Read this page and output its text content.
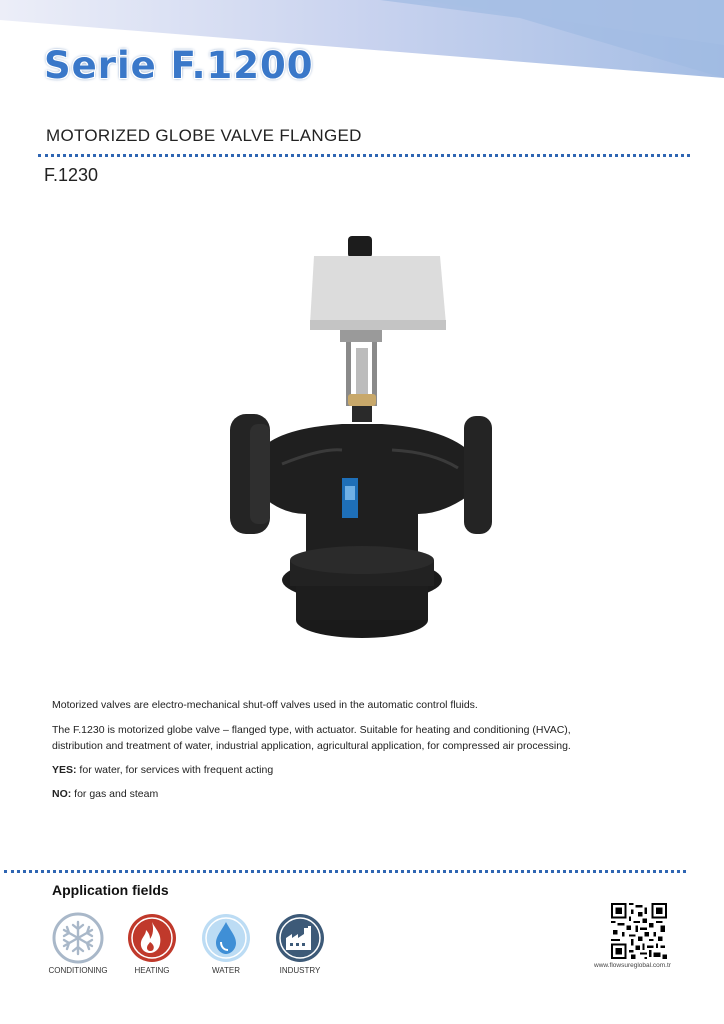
Serie F.1200
MOTORIZED GLOBE VALVE FLANGED
F.1230
Motorized valves are electro-mechanical shut-off valves used in the automatic control fluids.
The F.1230 is motorized globe valve – flanged type, with actuator. Suitable for heating and conditioning (HVAC),
distribution and treatment of water, industrial application, agricultural application, for compressed air processing.
YES: for water, for services with frequent acting
NO: for gas and steam
Application fields
CONDITIONING	HEATING	WATER	INDUSTRY
www.flowsureglobal.com.tr
